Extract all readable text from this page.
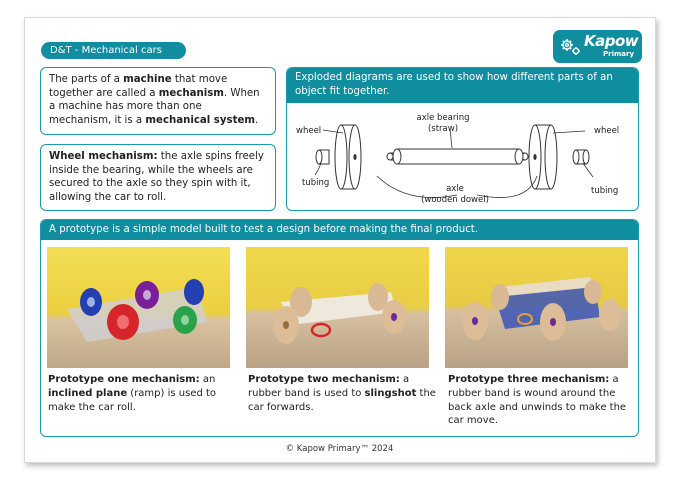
D&T - Mechanical cars
Kapow
Primary

The parts of a machine that move together are called a mechanism. When a machine has more than one mechanism, it is a mechanical system.

Wheel mechanism: the axle spins freely inside the bearing, while the wheels are secured to the axle so they spin with it, allowing the car to roll.

Exploded diagrams are used to show how different parts of an object fit together.
wheel
tubing
axle bearing
(straw)	wheel
tubing
axle
(wooden dowel)
A prototype is a simple model built to test a design before making the final product.

Prototype one mechanism: an inclined plane (ramp) is used to make the car roll.

Prototype two mechanism: a rubber band is used to slingshot the car forwards.

Prototype three mechanism: a rubber band is wound around the back axle and unwinds to make the car move.

© Kapow Primary™ 2024
